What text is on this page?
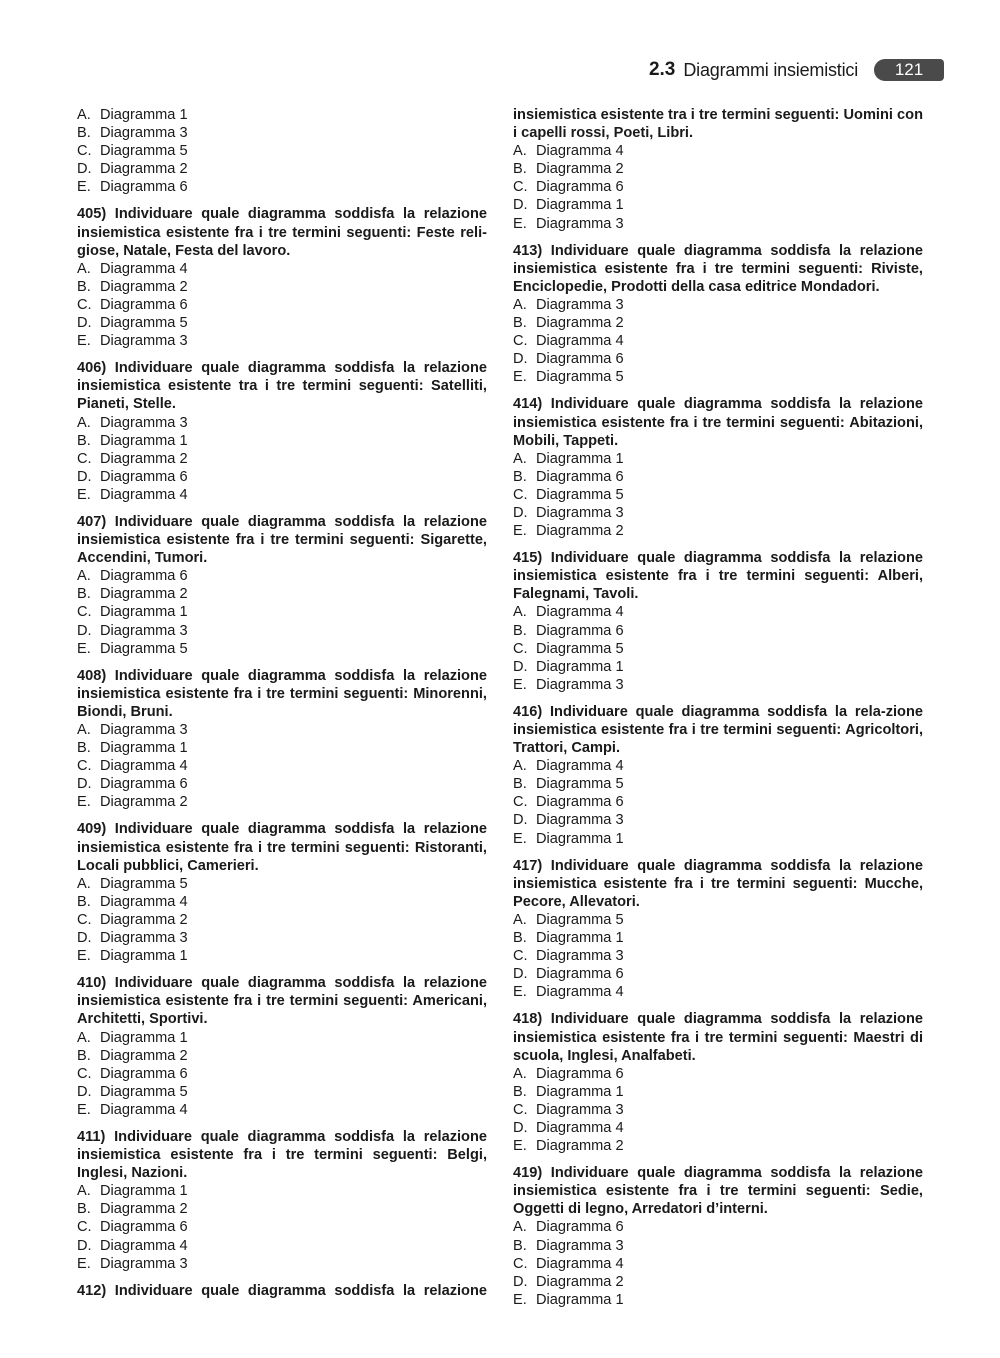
2.3 Diagrammi insiemistici	121
A. Diagramma 1
B. Diagramma 3
C. Diagramma 5
D. Diagramma 2
E. Diagramma 6

405) Individuare quale diagramma soddisfa la relazione insiemistica esistente fra i tre termini seguenti: Feste reli-giose, Natale, Festa del lavoro.

A. Diagramma 4
B. Diagramma 2
C. Diagramma 6
D. Diagramma 5
E. Diagramma 3

406) Individuare quale diagramma soddisfa la relazione insiemistica esistente tra i tre termini seguenti: Satelliti, Pianeti, Stelle.

A. Diagramma 3
B. Diagramma 1
C. Diagramma 2
D. Diagramma 6
E. Diagramma 4

407) Individuare quale diagramma soddisfa la relazione insiemistica esistente fra i tre termini seguenti: Sigarette, Accendini, Tumori.

A. Diagramma 6
B. Diagramma 2
C. Diagramma 1
D. Diagramma 3
E. Diagramma 5

408) Individuare quale diagramma soddisfa la relazione insiemistica esistente fra i tre termini seguenti: Minorenni, Biondi, Bruni.

A. Diagramma 3
B. Diagramma 1
C. Diagramma 4
D. Diagramma 6
E. Diagramma 2

409) Individuare quale diagramma soddisfa la relazione insiemistica esistente fra i tre termini seguenti: Ristoranti, Locali pubblici, Camerieri.

A. Diagramma 5
B. Diagramma 4
C. Diagramma 2
D. Diagramma 3
E. Diagramma 1

410) Individuare quale diagramma soddisfa la relazione insiemistica esistente fra i tre termini seguenti: Americani, Architetti, Sportivi.

A. Diagramma 1
B. Diagramma 2
C. Diagramma 6
D. Diagramma 5
E. Diagramma 4

411) Individuare quale diagramma soddisfa la relazione insiemistica esistente fra i tre termini seguenti: Belgi, Inglesi, Nazioni.

A. Diagramma 1
B. Diagramma 2
C. Diagramma 6
D. Diagramma 4
E. Diagramma 3

412) Individuare quale diagramma soddisfa la relazione

insiemistica esistente tra i tre termini seguenti: Uomini con i capelli rossi, Poeti, Libri.

A. Diagramma 4
B. Diagramma 2
C. Diagramma 6
D. Diagramma 1
E. Diagramma 3

413) Individuare quale diagramma soddisfa la relazione insiemistica esistente fra i tre termini seguenti: Riviste, Enciclopedie, Prodotti della casa editrice Mondadori.

A. Diagramma 3
B. Diagramma 2
C. Diagramma 4
D. Diagramma 6
E. Diagramma 5

414) Individuare quale diagramma soddisfa la relazione insiemistica esistente fra i tre termini seguenti: Abitazioni, Mobili, Tappeti.

A. Diagramma 1
B. Diagramma 6
C. Diagramma 5
D. Diagramma 3
E. Diagramma 2

415) Individuare quale diagramma soddisfa la relazione insiemistica esistente fra i tre termini seguenti: Alberi, Falegnami, Tavoli.

A. Diagramma 4
B. Diagramma 6
C. Diagramma 5
D. Diagramma 1
E. Diagramma 3

416) Individuare quale diagramma soddisfa la rela-zione insiemistica esistente fra i tre termini seguenti: Agricoltori, Trattori, Campi.

A. Diagramma 4
B. Diagramma 5
C. Diagramma 6
D. Diagramma 3
E. Diagramma 1

417) Individuare quale diagramma soddisfa la relazione insiemistica esistente fra i tre termini seguenti: Mucche, Pecore, Allevatori.

A. Diagramma 5
B. Diagramma 1
C. Diagramma 3
D. Diagramma 6
E. Diagramma 4

418) Individuare quale diagramma soddisfa la relazione insiemistica esistente fra i tre termini seguenti: Maestri di scuola, Inglesi, Analfabeti.

A. Diagramma 6
B. Diagramma 1
C. Diagramma 3
D. Diagramma 4
E. Diagramma 2

419) Individuare quale diagramma soddisfa la relazione insiemistica esistente fra i tre termini seguenti: Sedie, Oggetti di legno, Arredatori d’interni.

A. Diagramma 6
B. Diagramma 3
C. Diagramma 4
D. Diagramma 2
E. Diagramma 1
